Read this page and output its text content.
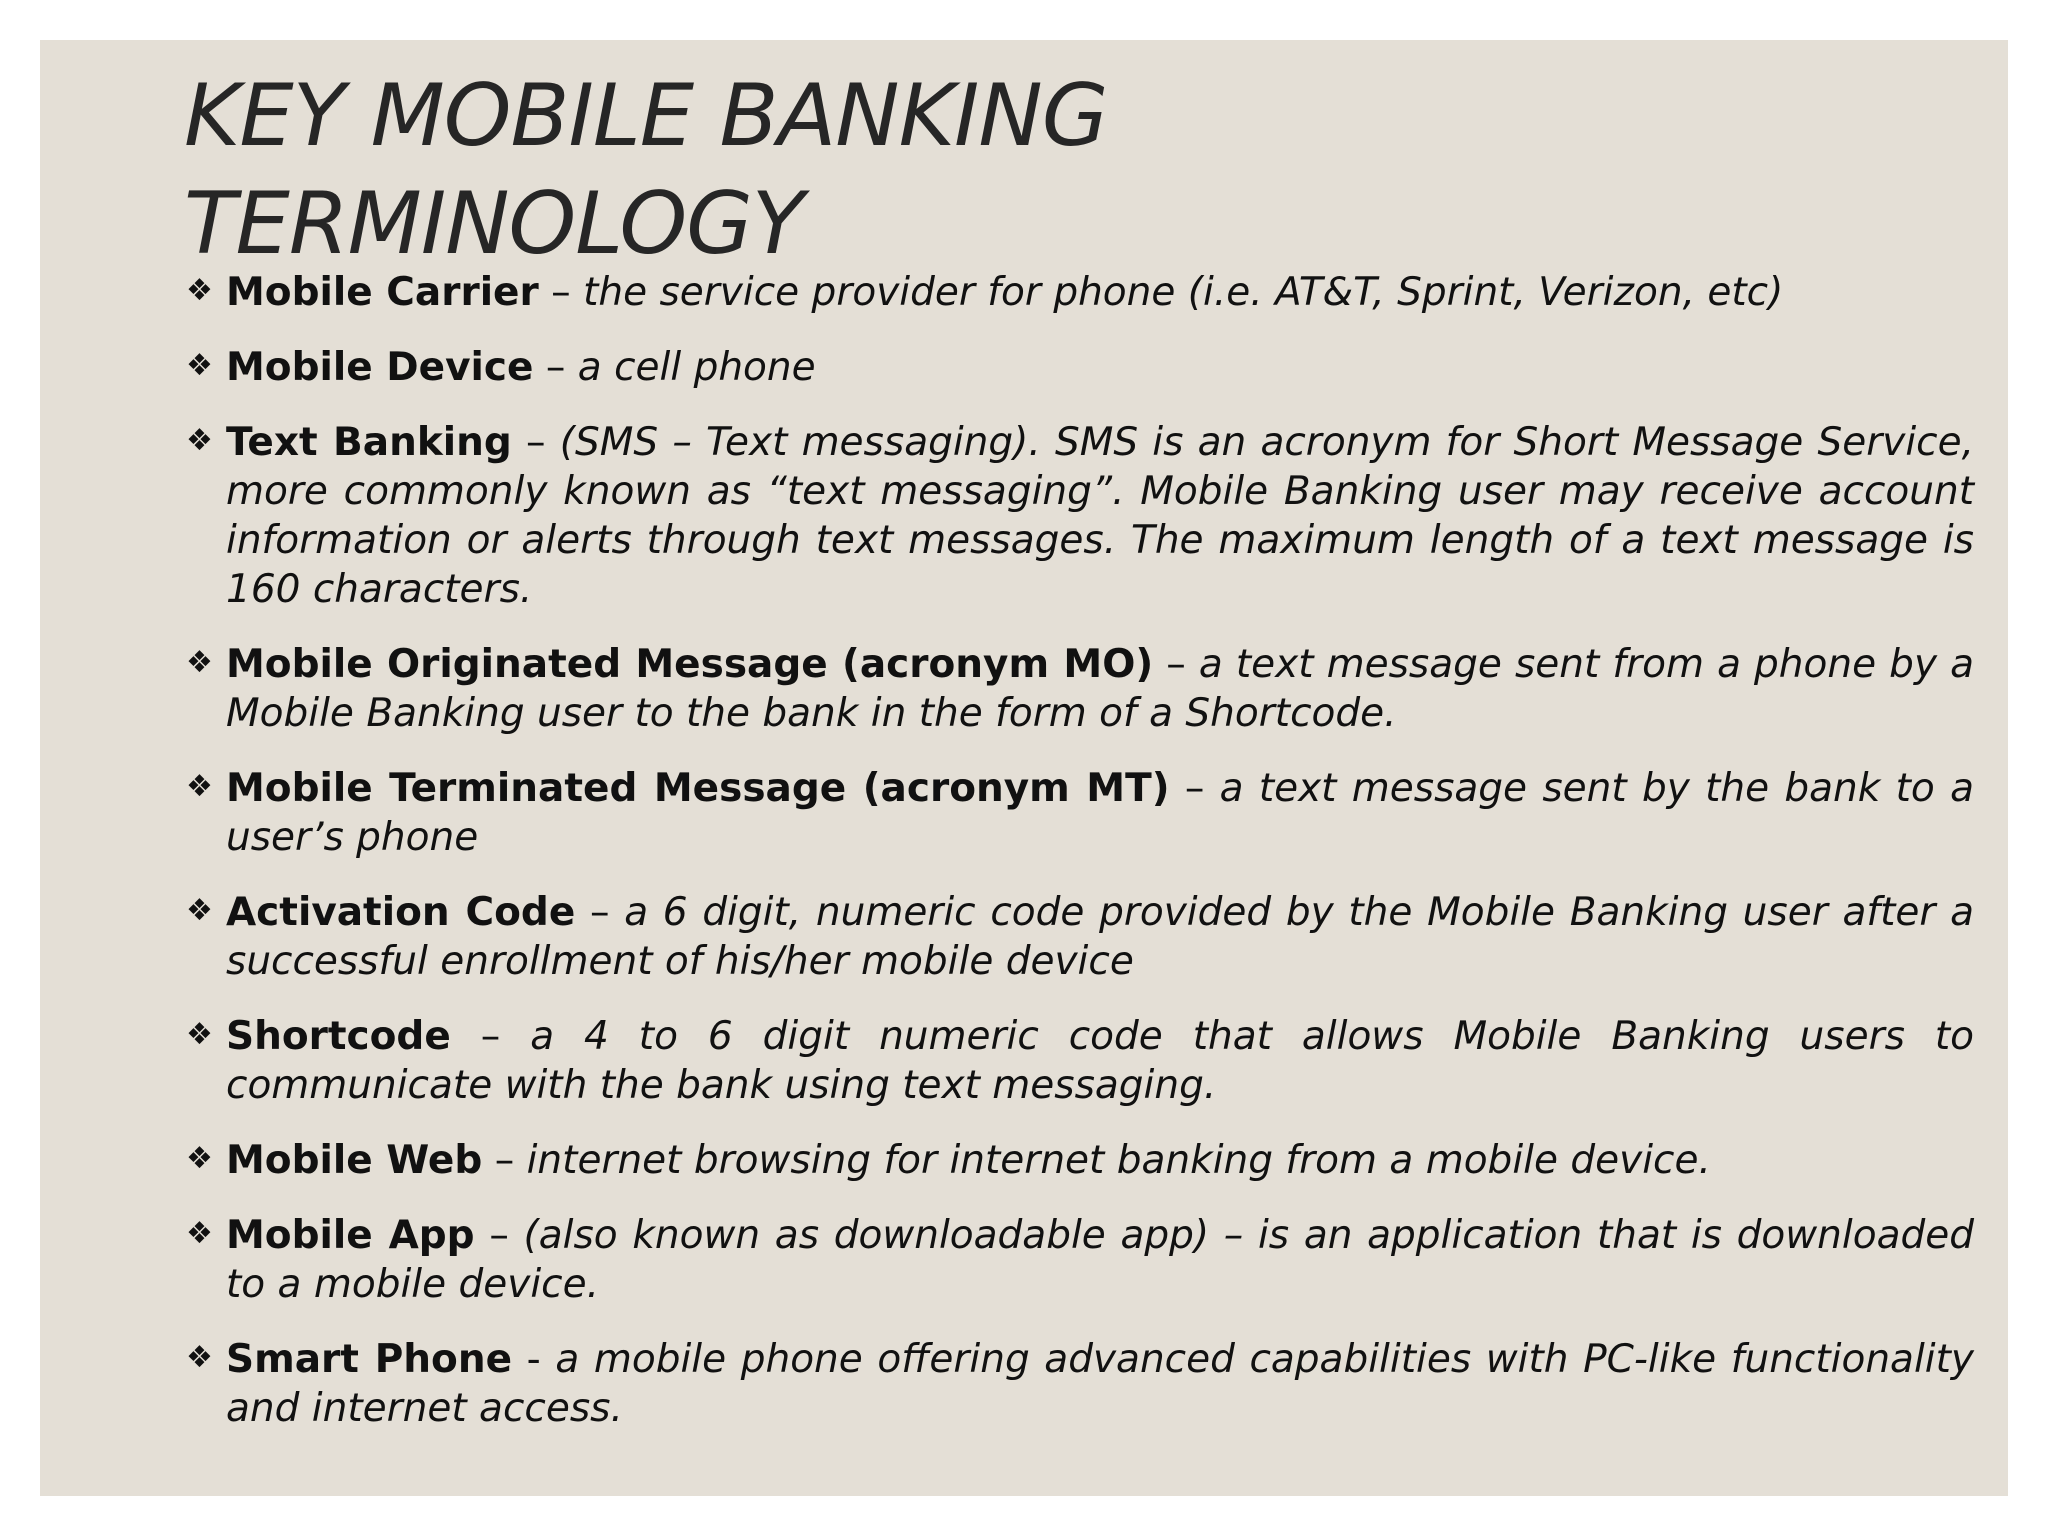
KEY MOBILE BANKING
TERMINOLOGY
❖ Mobile Carrier – the service provider for phone (i.e. AT&T, Sprint, Verizon, etc)
❖ Mobile Device – a cell phone
❖ Text Banking – (SMS – Text messaging). SMS is an acronym for Short Message Service, more commonly known as “text messaging”. Mobile Banking user may receive account information or alerts through text messages. The maximum length of a text message is 160 characters.
❖ Mobile Originated Message (acronym MO) – a text message sent from a phone by a Mobile Banking user to the bank in the form of a Shortcode.
❖ Mobile Terminated Message (acronym MT) – a text message sent by the bank to a user’s phone
❖ Activation Code – a 6 digit, numeric code provided by the Mobile Banking user after a successful enrollment of his/her mobile device
❖ Shortcode – a 4 to 6 digit numeric code that allows Mobile Banking users to communicate with the bank using text messaging.
❖ Mobile Web – internet browsing for internet banking from a mobile device.
❖ Mobile App – (also known as downloadable app) – is an application that is downloaded to a mobile device.
❖ Smart Phone - a mobile phone offering advanced capabilities with PC-like functionality and internet access.
